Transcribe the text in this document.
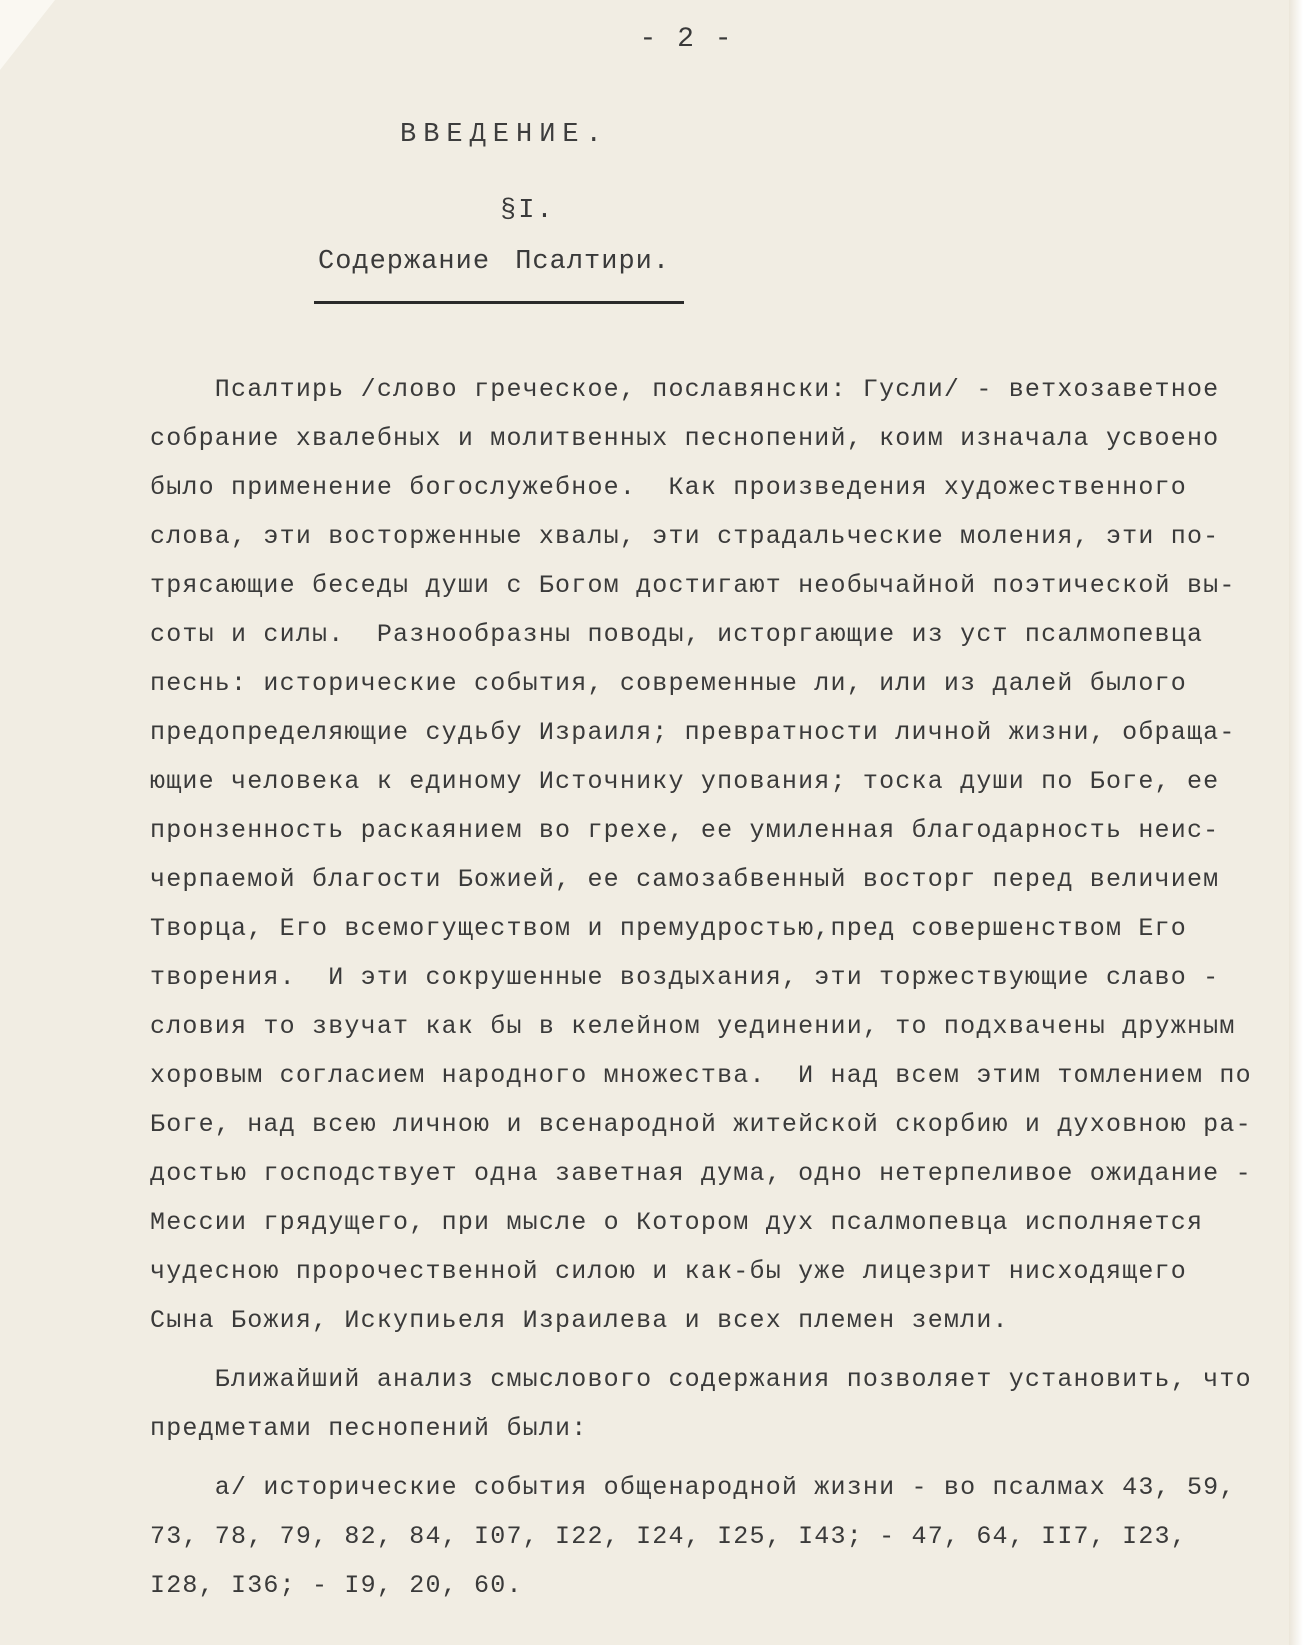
- 2 -
ВВЕДЕНИЕ.
§I.
Содержание Псалтири.
Псалтирь /слово греческое, пославянски: Гусли/ - ветхозаветное
собрание хвалебных и молитвенных песнопений, коим изначала усвоено
было применение богослужебное.  Как произведения художественного
слова, эти восторженные хвалы, эти страдальческие моления, эти по-
трясающие беседы души с Богом достигают необычайной поэтической вы-
соты и силы.  Разнообразны поводы, исторгающие из уст псалмопевца
песнь: исторические события, современные ли, или из далей былого
предопределяющие судьбу Израиля; превратности личной жизни, обраща-
ющие человека к единому Источнику упования; тоска души по Боге, ее
пронзенность раскаянием во грехе, ее умиленная благодарность неис-
черпаемой благости Божией, ее самозабвенный восторг перед величием
Творца, Его всемогуществом и премудростью,пред совершенством Его
творения.  И эти сокрушенные воздыхания, эти торжествующие славо -
словия то звучат как бы в келейном уединении, то подхвачены дружным
хоровым согласием народного множества.  И над всем этим томлением по
Боге, над всею личною и всенародной житейской скорбию и духовною ра-
достью господствует одна заветная дума, одно нетерпеливое ожидание -
Мессии грядущего, при мысле о Котором дух псалмопевца исполняется
чудесною пророчественной силою и как-бы уже лицезрит нисходящего
Сына Божия, Искупиьеля Израилева и всех племен земли.
Ближайший анализ смыслового содержания позволяет установить, что
предметами песнопений были:
а/ исторические события общенародной жизни - во псалмах 43, 59,
73, 78, 79, 82, 84, I07, I22, I24, I25, I43; - 47, 64, II7, I23,
I28, I36; - I9, 20, 60.
